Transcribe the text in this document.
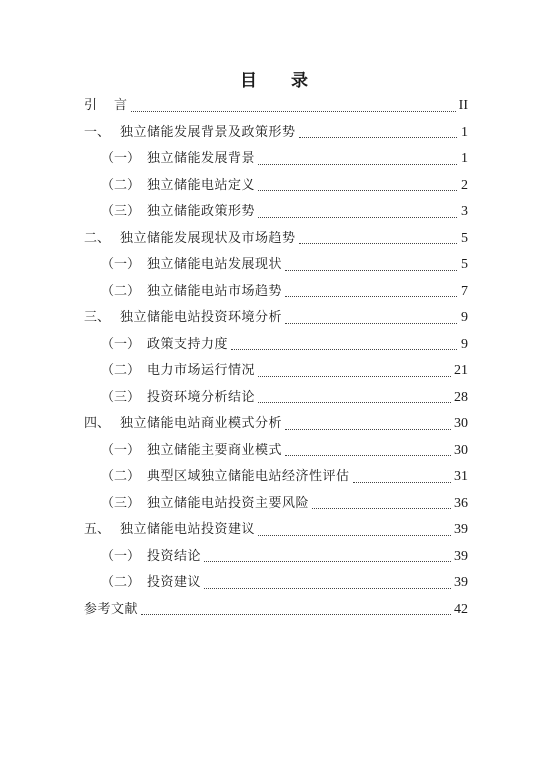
目 录
引	言	II
一、 独立储能发展背景及政策形势	1
（一） 独立储能发展背景	1
（二） 独立储能电站定义	2
（三） 独立储能政策形势	3
二、 独立储能发展现状及市场趋势	5
（一） 独立储能电站发展现状	5
（二） 独立储能电站市场趋势	7
三、 独立储能电站投资环境分析	9
（一） 政策支持力度	9
（二） 电力市场运行情况	21
（三） 投资环境分析结论	28
四、 独立储能电站商业模式分析	30
（一） 独立储能主要商业模式	30
（二） 典型区域独立储能电站经济性评估	31
（三） 独立储能电站投资主要风险	36
五、 独立储能电站投资建议	39
（一） 投资结论	39
（二） 投资建议	39
参考文献	42
